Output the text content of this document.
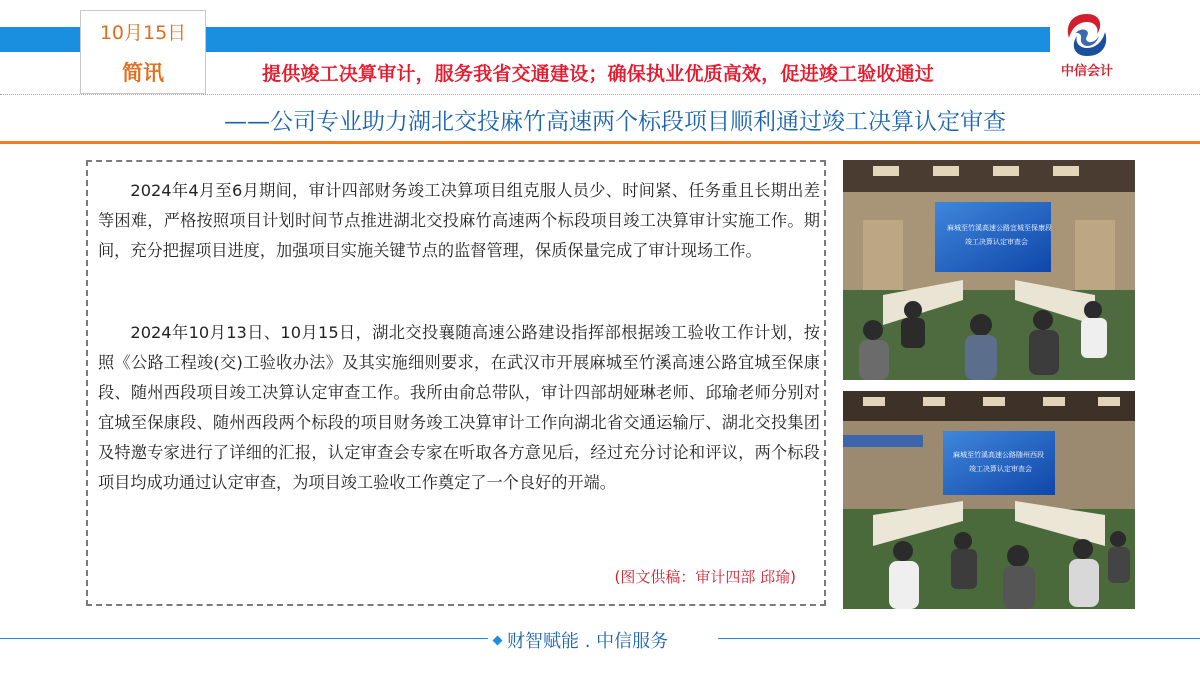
10月15日
简讯	提供竣工决算审计，服务我省交通建设；确保执业优质高效，促进竣工验收通过	中信会计
——公司专业助力湖北交投麻竹高速两个标段项目顺利通过竣工决算认定审查

2024年4月至6月期间，审计四部财务竣工决算项目组克服人员少、时间紧、任务重且长期出差等困难，严格按照项目计划时间节点推进湖北交投麻竹高速两个标段项目竣工决算审计实施工作。期间，充分把握项目进度，加强项目实施关键节点的监督管理，保质保量完成了审计现场工作。

2024年10月13日、10月15日，湖北交投襄随高速公路建设指挥部根据竣工验收工作计划，按照《公路工程竣(交)工验收办法》及其实施细则要求，在武汉市开展麻城至竹溪高速公路宜城至保康段、随州西段项目竣工决算认定审查工作。我所由俞总带队，审计四部胡娅琳老师、邱瑜老师分别对宜城至保康段、随州西段两个标段的项目财务竣工决算审计工作向湖北省交通运输厅、湖北交投集团及特邀专家进行了详细的汇报，认定审查会专家在听取各方意见后，经过充分讨论和评议，两个标段项目均成功通过认定审查，为项目竣工验收工作奠定了一个良好的开端。

(图文供稿：审计四部 邱瑜)
麻城至竹溪高速公路宜城至保康段
竣工决算认定审查会
麻城至竹溪高速公路随州西段
竣工决算认定审查会
财智赋能 . 中信服务
